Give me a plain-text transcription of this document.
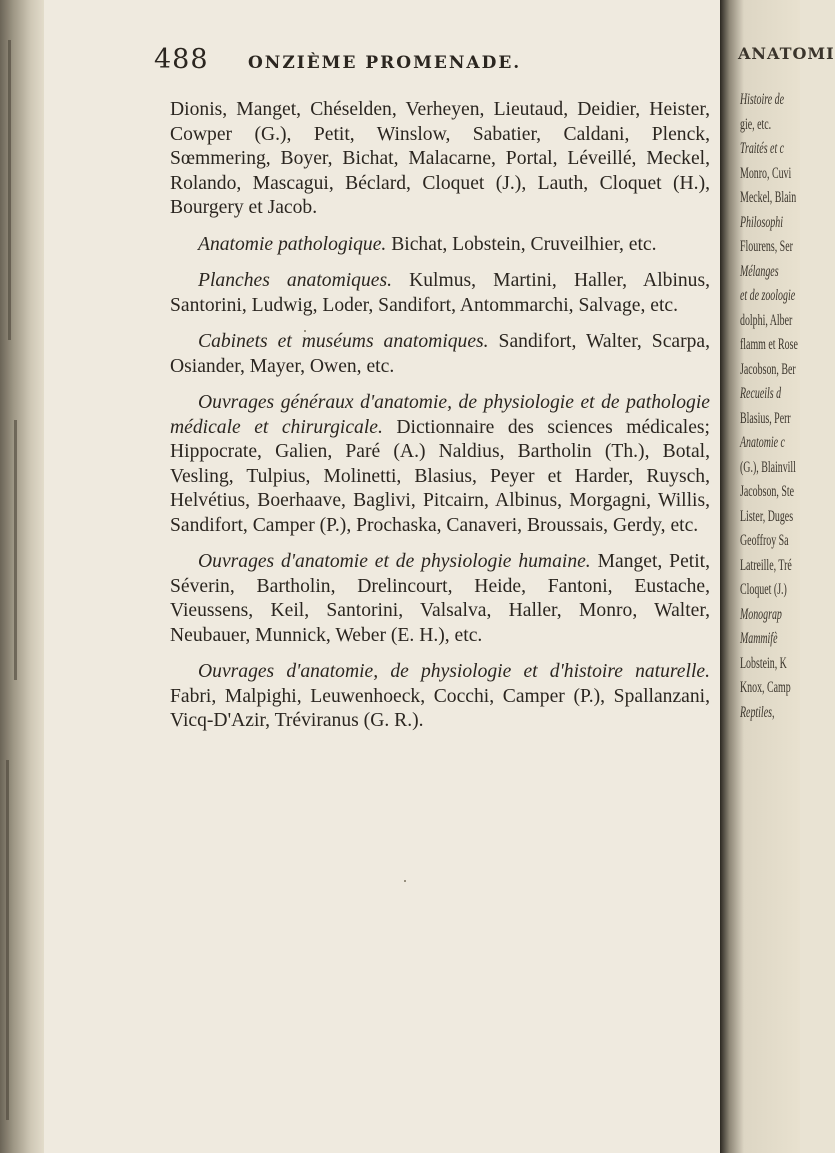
488 ONZIÈME PROMENADE.

Dionis, Manget, Chéselden, Verheyen, Lieutaud, Deidier, Heister, Cowper (G.), Petit, Winslow, Sabatier, Caldani, Plenck, Sœmmering, Boyer, Bichat, Malacarne, Portal, Léveillé, Meckel, Rolando, Mascagui, Béclard, Cloquet (J.), Lauth, Cloquet (H.), Bourgery et Jacob.

Anatomie pathologique. Bichat, Lobstein, Cruveilhier, etc.

Planches anatomiques. Kulmus, Martini, Haller, Albinus, Santorini, Ludwig, Loder, Sandifort, Antommarchi, Salvage, etc.

Cabinets et muséums anatomiques. Sandifort, Walter, Scarpa, Osiander, Mayer, Owen, etc.

Ouvrages généraux d'anatomie, de physiologie et de pathologie médicale et chirurgicale. Dictionnaire des sciences médicales; Hippocrate, Galien, Paré (A.) Naldius, Bartholin (Th.), Botal, Vesling, Tulpius, Molinetti, Blasius, Peyer et Harder, Ruysch, Helvétius, Boerhaave, Baglivi, Pitcairn, Albinus, Morgagni, Willis, Sandifort, Camper (P.), Prochaska, Canaveri, Broussais, Gerdy, etc.

Ouvrages d'anatomie et de physiologie humaine. Manget, Petit, Séverin, Bartholin, Drelincourt, Heide, Fantoni, Eustache, Vieussens, Keil, Santorini, Valsalva, Haller, Monro, Walter, Neubauer, Munnick, Weber (E. H.), etc.

Ouvrages d'anatomie, de physiologie et d'histoire naturelle. Fabri, Malpighi, Leuwenhoeck, Cocchi, Camper (P.), Spallanzani, Vicq-D'Azir, Tréviranus (G. R.).

ANATOMI
Histoire de
gie, etc.
Traités et c
Monro, Cuvi
Meckel, Blain
Philosophi
Flourens, Ser
Mélanges
et de zoologie
dolphi, Alber
flamm et Rose
Jacobson, Ber
Recueils d
Blasius, Perr
Anatomie c
(G.), Blainvill
Jacobson, Ste
Lister, Duges
Geoffroy Sa
Latreille, Tré
Cloquet (J.)
Monograp
Mammifè
Lobstein, K
Knox, Camp
Reptiles,
